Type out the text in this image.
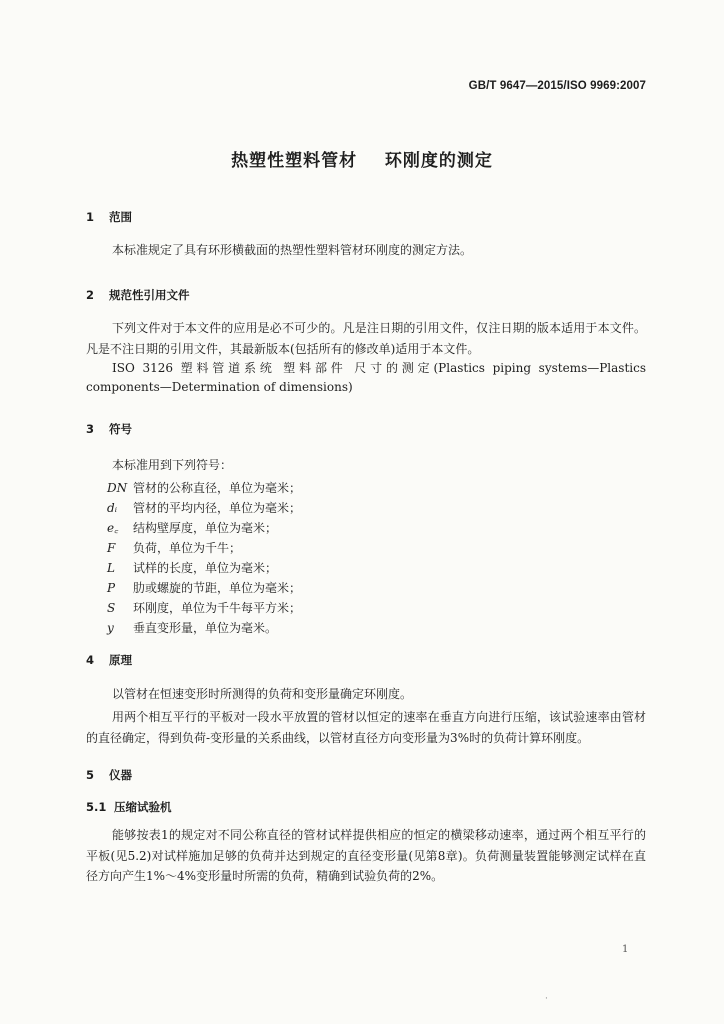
GB/T 9647—2015/ISO 9969:2007
热塑性塑料管材    环刚度的测定
1 范围
本标准规定了具有环形横截面的热塑性塑料管材环刚度的测定方法。
2 规范性引用文件
下列文件对于本文件的应用是必不可少的。凡是注日期的引用文件，仅注日期的版本适用于本文件。凡是不注日期的引用文件，其最新版本(包括所有的修改单)适用于本文件。
ISO 3126 塑料管道系统 塑料部件 尺寸的测定(Plastics piping systems—Plastics
components—Determination of dimensions)
3 符号
本标准用到下列符号：
DN 管材的公称直径，单位为毫米；
dᵢ 管材的平均内径，单位为毫米；
e꜀ 结构壁厚度，单位为毫米；
F 负荷，单位为千牛；
L 试样的长度，单位为毫米；
P 肋或螺旋的节距，单位为毫米；
S 环刚度，单位为千牛每平方米；
y 垂直变形量，单位为毫米。
4 原理
以管材在恒速变形时所测得的负荷和变形量确定环刚度。
用两个相互平行的平板对一段水平放置的管材以恒定的速率在垂直方向进行压缩，该试验速率由管材的直径确定，得到负荷-变形量的关系曲线，以管材直径方向变形量为3%时的负荷计算环刚度。
5 仪器
5.1 压缩试验机
能够按表1的规定对不同公称直径的管材试样提供相应的恒定的横梁移动速率，通过两个相互平行的平板(见5.2)对试样施加足够的负荷并达到规定的直径变形量(见第8章)。负荷测量装置能够测定试样在直径方向产生1%～4%变形量时所需的负荷，精确到试验负荷的2%。
1
·
